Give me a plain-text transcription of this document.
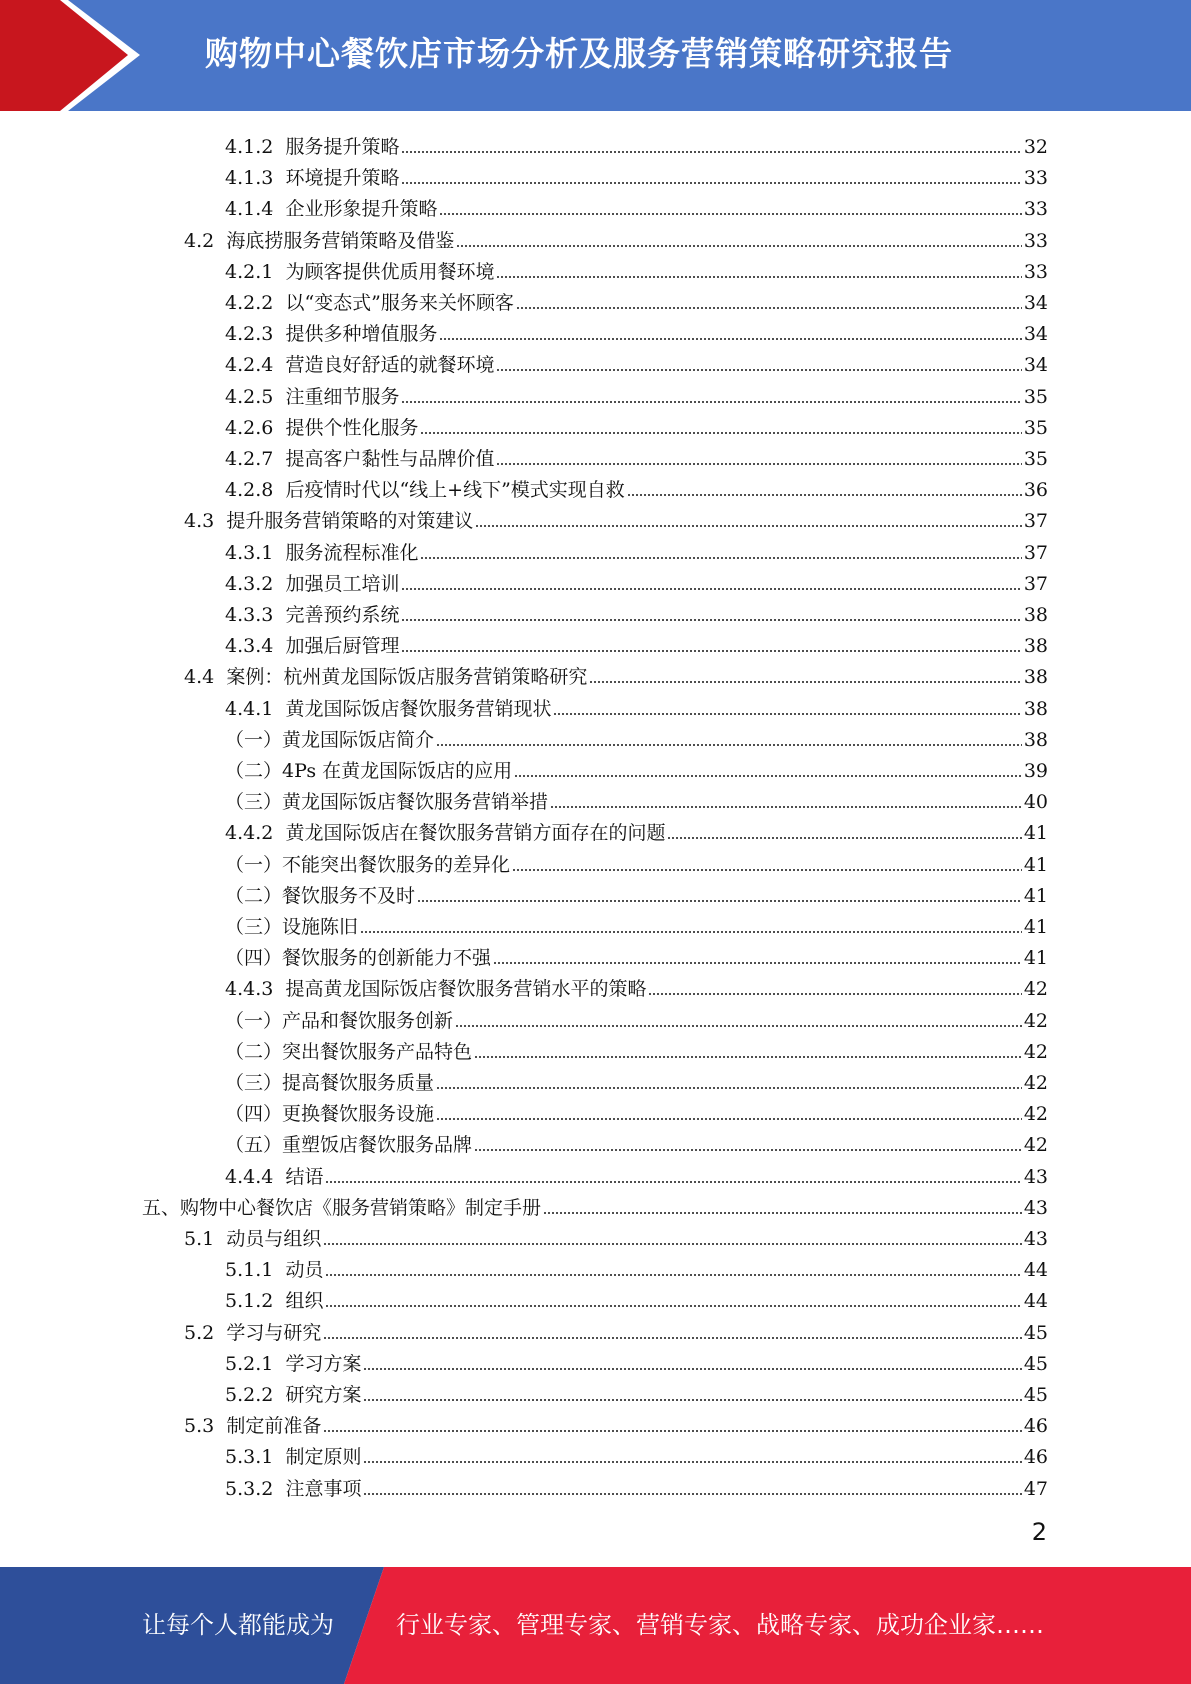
购物中心餐饮店市场分析及服务营销策略研究报告
4.1.2 服务提升策略	32
4.1.3 环境提升策略	33
4.1.4 企业形象提升策略	33
4.2 海底捞服务营销策略及借鉴	33
4.2.1 为顾客提供优质用餐环境	33
4.2.2 以“变态式”服务来关怀顾客	34
4.2.3 提供多种增值服务	34
4.2.4 营造良好舒适的就餐环境	34
4.2.5 注重细节服务	35
4.2.6 提供个性化服务	35
4.2.7 提高客户黏性与品牌价值	35
4.2.8 后疫情时代以“线上+线下”模式实现自救	36
4.3 提升服务营销策略的对策建议	37
4.3.1 服务流程标准化	37
4.3.2 加强员工培训	37
4.3.3 完善预约系统	38
4.3.4 加强后厨管理	38
4.4 案例：杭州黄龙国际饭店服务营销策略研究	38
4.4.1 黄龙国际饭店餐饮服务营销现状	38
（一）黄龙国际饭店简介	38
（二）4Ps 在黄龙国际饭店的应用	39
（三）黄龙国际饭店餐饮服务营销举措	40
4.4.2 黄龙国际饭店在餐饮服务营销方面存在的问题	41
（一）不能突出餐饮服务的差异化	41
（二）餐饮服务不及时	41
（三）设施陈旧	41
（四）餐饮服务的创新能力不强	41
4.4.3 提高黄龙国际饭店餐饮服务营销水平的策略	42
（一）产品和餐饮服务创新	42
（二）突出餐饮服务产品特色	42
（三）提高餐饮服务质量	42
（四）更换餐饮服务设施	42
（五）重塑饭店餐饮服务品牌	42
4.4.4 结语	43
五、购物中心餐饮店《服务营销策略》制定手册	43
5.1 动员与组织	43
5.1.1 动员	44
5.1.2 组织	44
5.2 学习与研究	45
5.2.1 学习方案	45
5.2.2 研究方案	45
5.3 制定前准备	46
5.3.1 制定原则	46
5.3.2 注意事项	47
2
让每个人都能成为	行业专家、管理专家、营销专家、战略专家、成功企业家……
